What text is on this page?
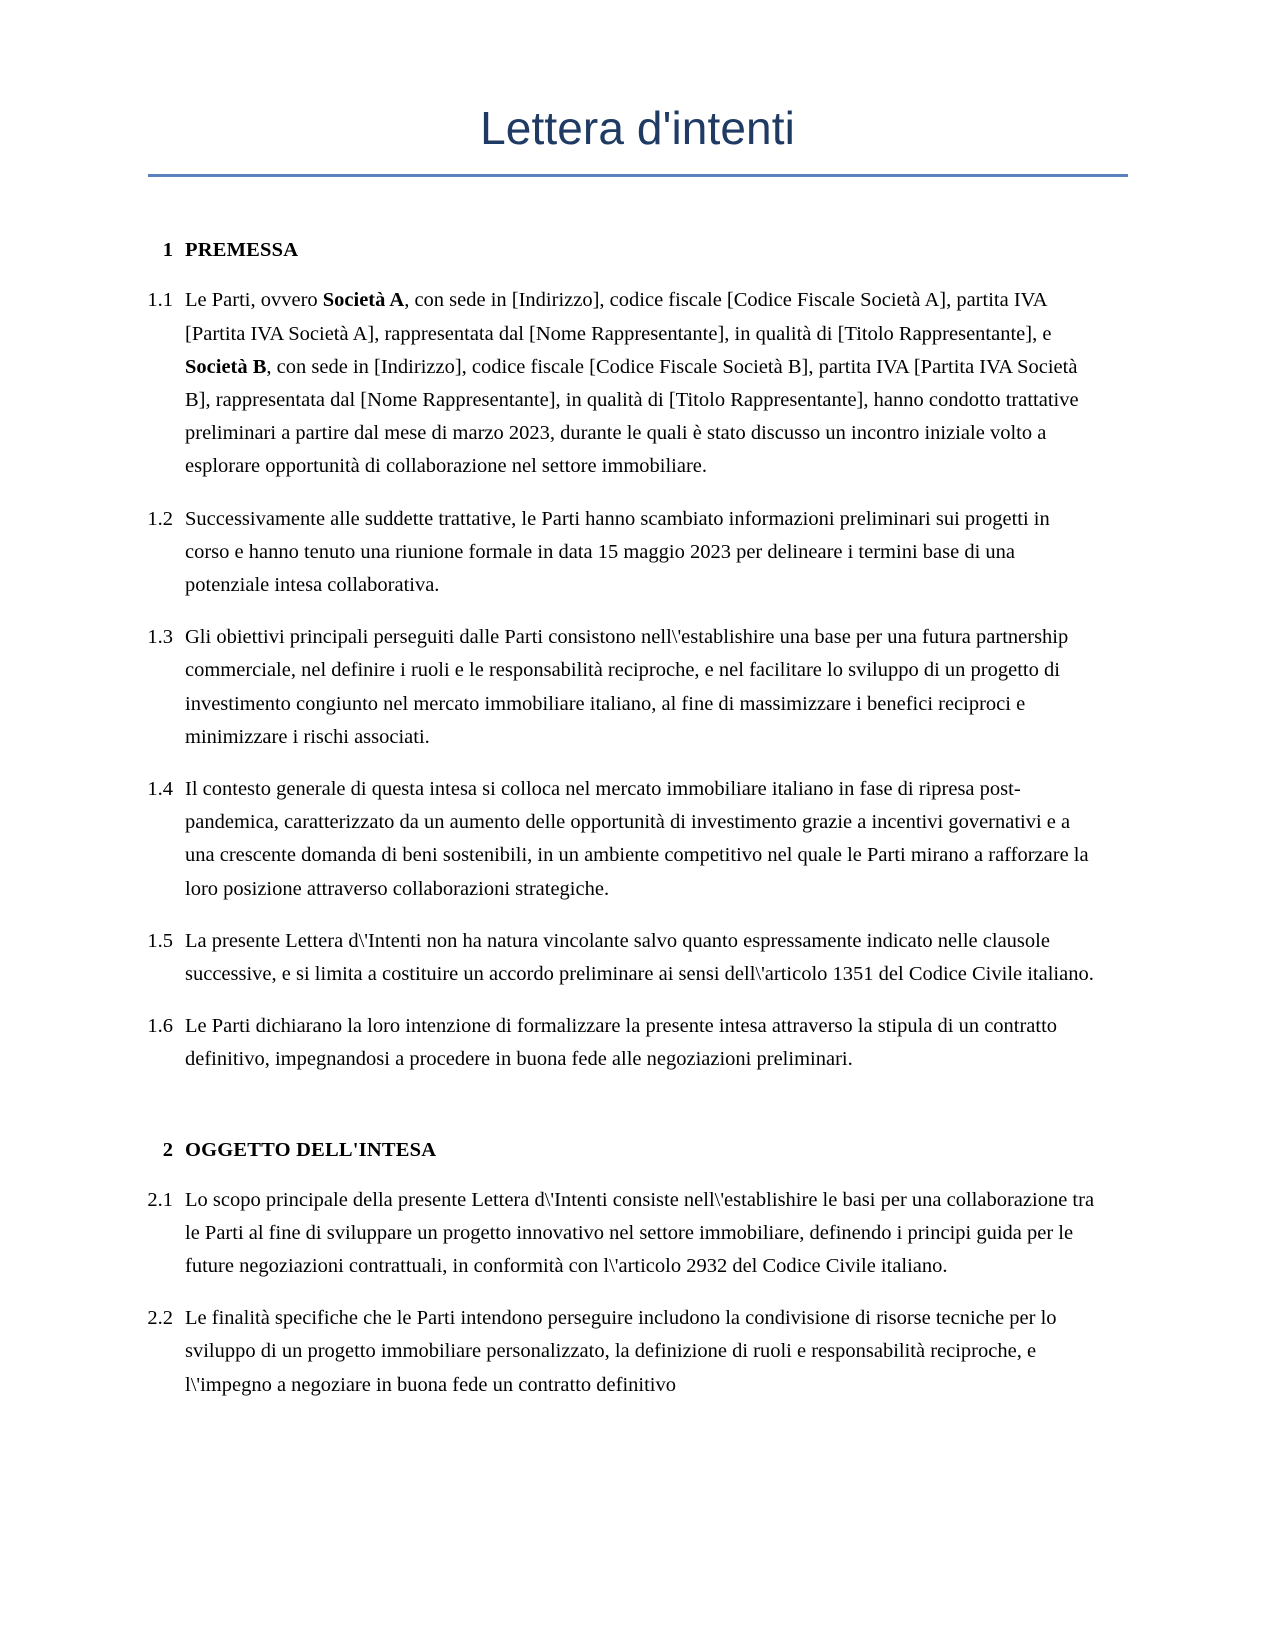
Lettera d'intenti
1 PREMESSA
1.1 Le Parti, ovvero Società A, con sede in [Indirizzo], codice fiscale [Codice Fiscale Società A], partita IVA [Partita IVA Società A], rappresentata dal [Nome Rappresentante], in qualità di [Titolo Rappresentante], e Società B, con sede in [Indirizzo], codice fiscale [Codice Fiscale Società B], partita IVA [Partita IVA Società B], rappresentata dal [Nome Rappresentante], in qualità di [Titolo Rappresentante], hanno condotto trattative preliminari a partire dal mese di marzo 2023, durante le quali è stato discusso un incontro iniziale volto a esplorare opportunità di collaborazione nel settore immobiliare.
1.2 Successivamente alle suddette trattative, le Parti hanno scambiato informazioni preliminari sui progetti in corso e hanno tenuto una riunione formale in data 15 maggio 2023 per delineare i termini base di una potenziale intesa collaborativa.
1.3 Gli obiettivi principali perseguiti dalle Parti consistono nell\'establishire una base per una futura partnership commerciale, nel definire i ruoli e le responsabilità reciproche, e nel facilitare lo sviluppo di un progetto di investimento congiunto nel mercato immobiliare italiano, al fine di massimizzare i benefici reciproci e minimizzare i rischi associati.
1.4 Il contesto generale di questa intesa si colloca nel mercato immobiliare italiano in fase di ripresa post-pandemica, caratterizzato da un aumento delle opportunità di investimento grazie a incentivi governativi e a una crescente domanda di beni sostenibili, in un ambiente competitivo nel quale le Parti mirano a rafforzare la loro posizione attraverso collaborazioni strategiche.
1.5 La presente Lettera d\'Intenti non ha natura vincolante salvo quanto espressamente indicato nelle clausole successive, e si limita a costituire un accordo preliminare ai sensi dell\'articolo 1351 del Codice Civile italiano.
1.6 Le Parti dichiarano la loro intenzione di formalizzare la presente intesa attraverso la stipula di un contratto definitivo, impegnandosi a procedere in buona fede alle negoziazioni preliminari.
2 OGGETTO DELL'INTESA
2.1 Lo scopo principale della presente Lettera d\'Intenti consiste nell\'establishire le basi per una collaborazione tra le Parti al fine di sviluppare un progetto innovativo nel settore immobiliare, definendo i principi guida per le future negoziazioni contrattuali, in conformità con l\'articolo 2932 del Codice Civile italiano.
2.2 Le finalità specifiche che le Parti intendono perseguire includono la condivisione di risorse tecniche per lo sviluppo di un progetto immobiliare personalizzato, la definizione di ruoli e responsabilità reciproche, e l\'impegno a negoziare in buona fede un contratto definitivo
